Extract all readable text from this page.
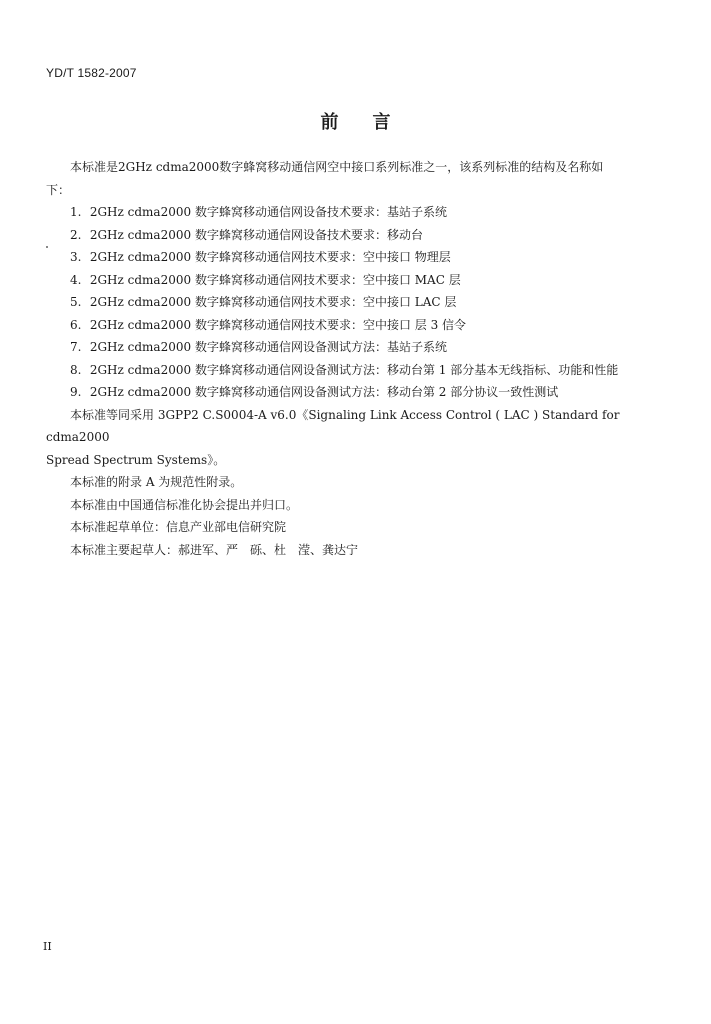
YD/T 1582-2007
前 言

本标准是2GHz cdma2000数字蜂窝移动通信网空中接口系列标准之一，该系列标准的结构及名称如

下：

1. 2GHz cdma2000 数字蜂窝移动通信网设备技术要求：基站子系统
2. 2GHz cdma2000 数字蜂窝移动通信网设备技术要求：移动台
3. 2GHz cdma2000 数字蜂窝移动通信网技术要求：空中接口 物理层
4. 2GHz cdma2000 数字蜂窝移动通信网技术要求：空中接口 MAC 层
5. 2GHz cdma2000 数字蜂窝移动通信网技术要求：空中接口 LAC 层
6. 2GHz cdma2000 数字蜂窝移动通信网技术要求：空中接口 层 3 信令
7. 2GHz cdma2000 数字蜂窝移动通信网设备测试方法：基站子系统
8. 2GHz cdma2000 数字蜂窝移动通信网设备测试方法：移动台第 1 部分基本无线指标、功能和性能
9. 2GHz cdma2000 数字蜂窝移动通信网设备测试方法：移动台第 2 部分协议一致性测试

本标准等同采用 3GPP2 C.S0004-A v6.0《Signaling Link Access Control ( LAC ) Standard for cdma2000

Spread Spectrum Systems》。

本标准的附录 A 为规范性附录。

本标准由中国通信标准化协会提出并归口。

本标准起草单位：信息产业部电信研究院

本标准主要起草人：郝进军、严　砾、杜　滢、龚达宁

II
